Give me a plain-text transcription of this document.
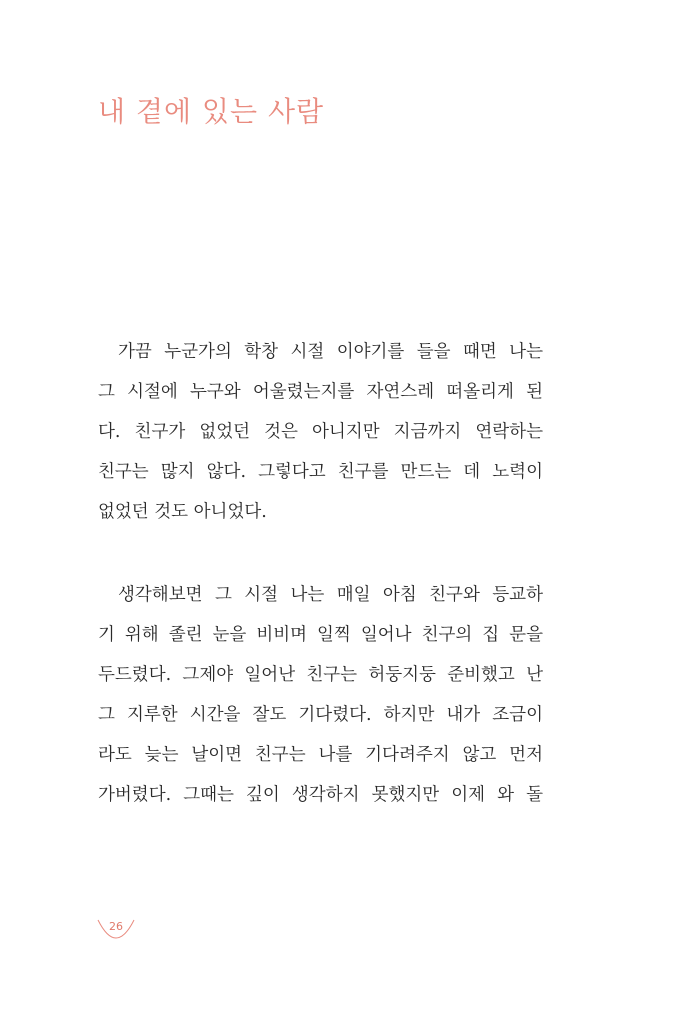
내 곁에 있는 사람
가끔 누군가의 학창 시절 이야기를 들을 때면 나는
그 시절에 누구와 어울렸는지를 자연스레 떠올리게 된
다. 친구가 없었던 것은 아니지만 지금까지 연락하는
친구는 많지 않다. 그렇다고 친구를 만드는 데 노력이
없었던 것도 아니었다.
생각해보면 그 시절 나는 매일 아침 친구와 등교하
기 위해 졸린 눈을 비비며 일찍 일어나 친구의 집 문을
두드렸다. 그제야 일어난 친구는 허둥지둥 준비했고 난
그 지루한 시간을 잘도 기다렸다. 하지만 내가 조금이
라도 늦는 날이면 친구는 나를 기다려주지 않고 먼저
가버렸다. 그때는 깊이 생각하지 못했지만 이제 와 돌
26
